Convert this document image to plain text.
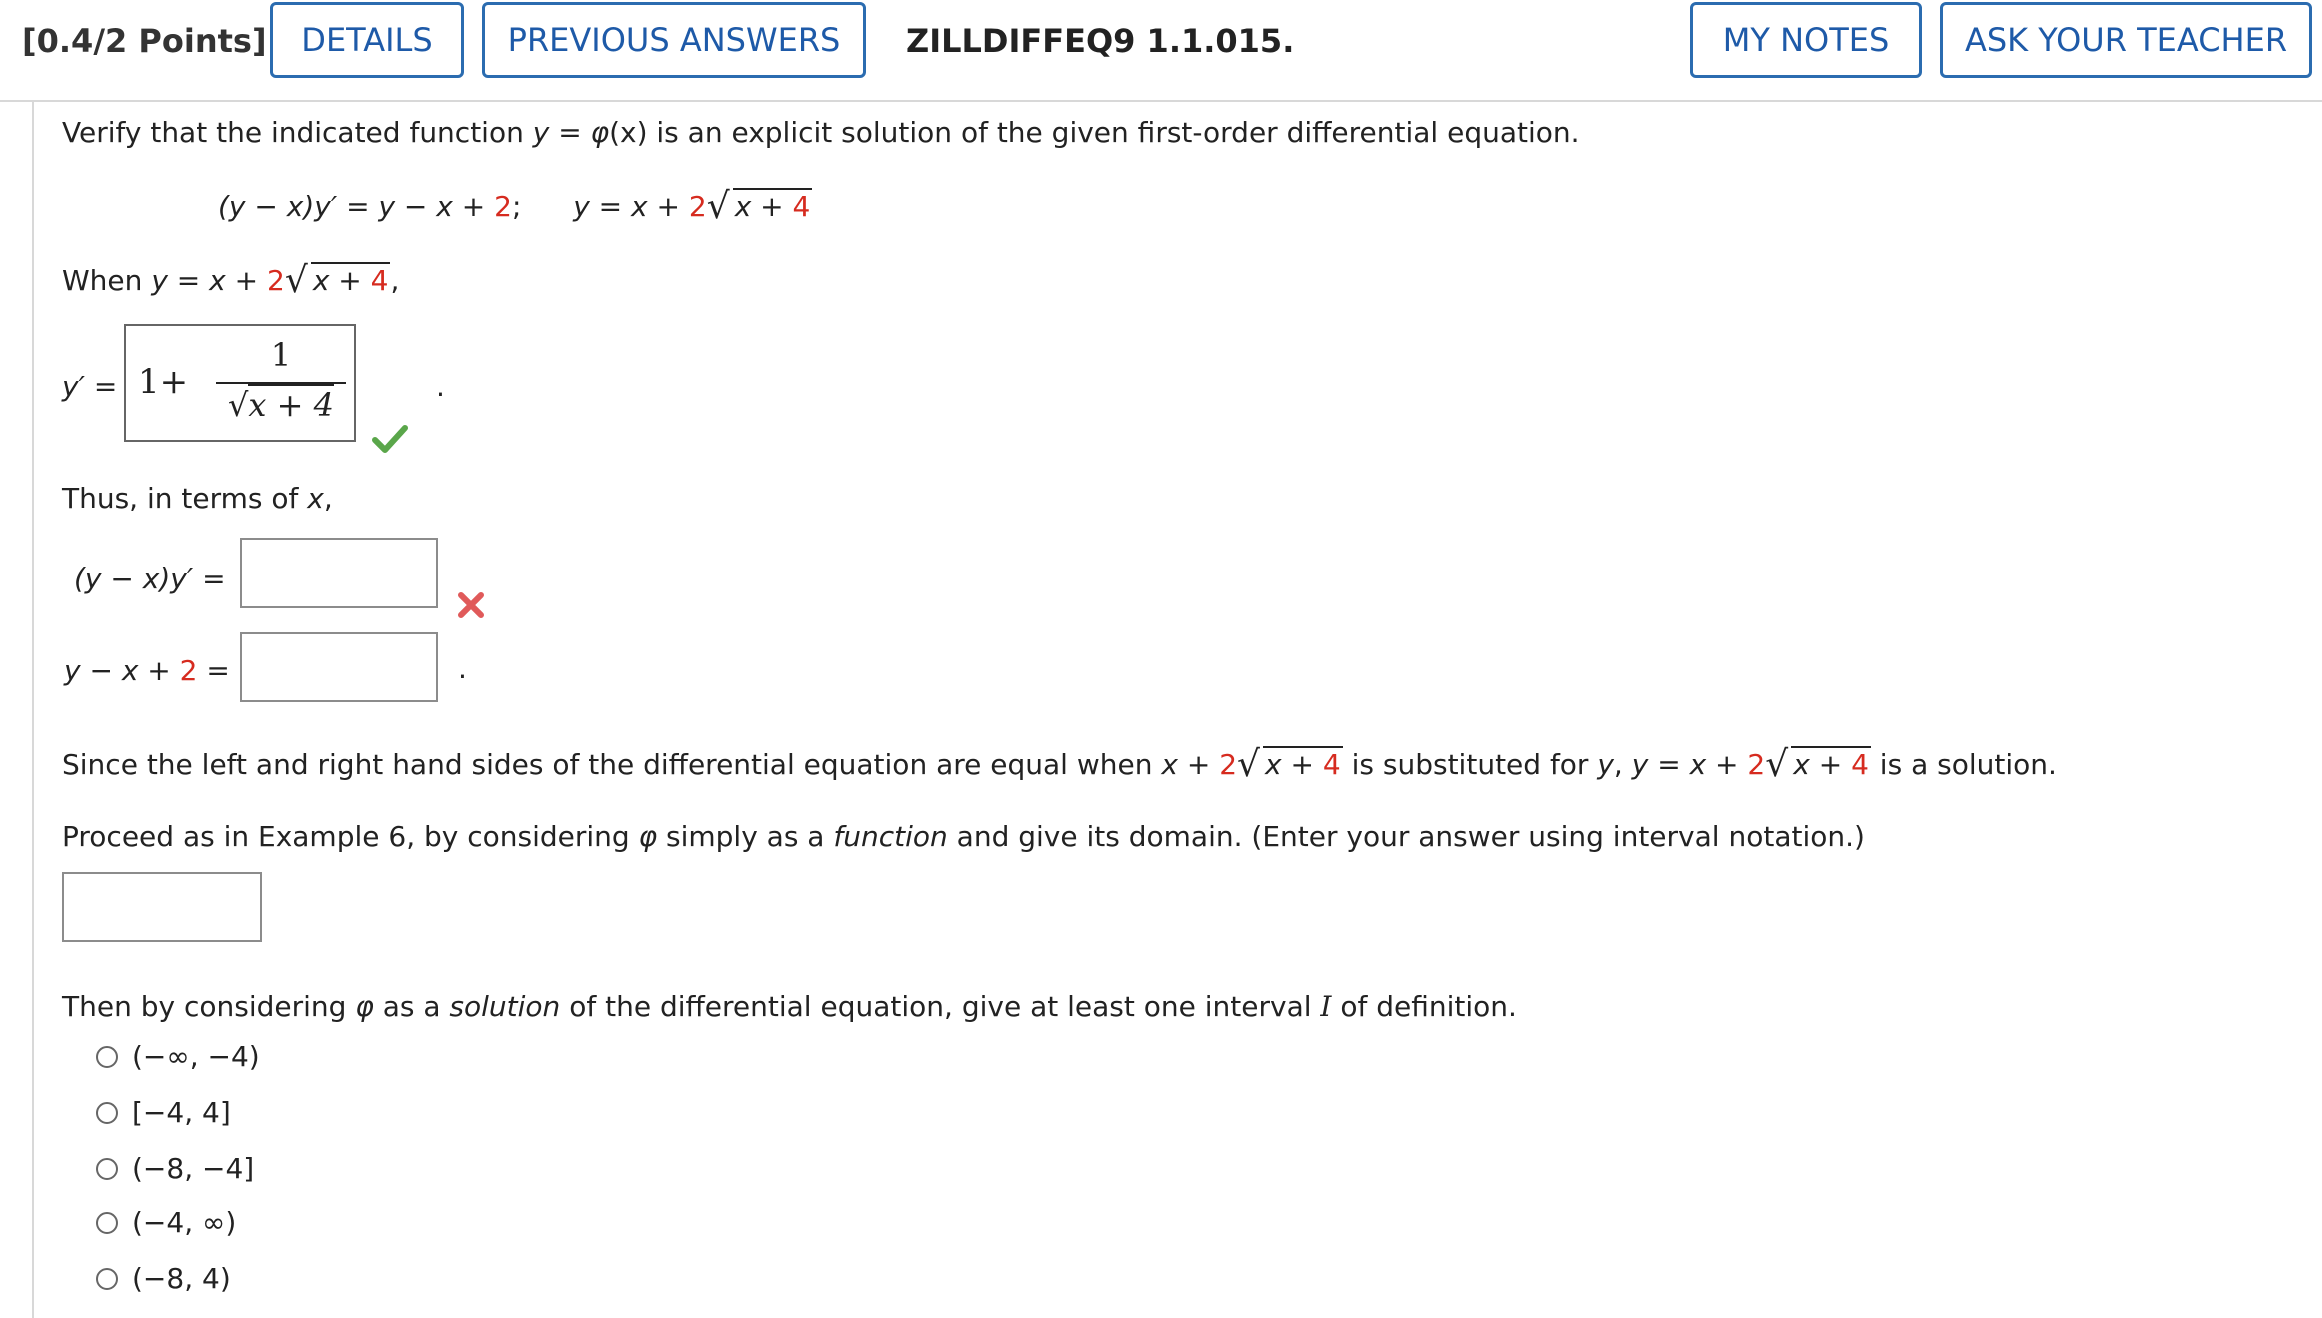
[0.4/2 Points]	DETAILS	PREVIOUS ANSWERS	ZILLDIFFEQ9 1.1.015.	MY NOTES	ASK YOUR TEACHER
Verify that the indicated function y = φ(x) is an explicit solution of the given first-order differential equation.
(y − x)y′ = y − x + 2; y = x + 2 √ x + 4
When y = x + 2 √ x + 4,
y′ = 1+
1
√x + 4	.
Thus, in terms of x,
(y − x)y′ =
y − x + 2 =	.
Since the left and right hand sides of the differential equation are equal when x + 2 √ x + 4 is substituted for y, y = x + 2 √ x + 4 is a solution.
Proceed as in Example 6, by considering φ simply as a function and give its domain. (Enter your answer using interval notation.)
Then by considering φ as a solution of the differential equation, give at least one interval I of definition.
(−∞, −4)
[−4, 4]
(−8, −4]
(−4, ∞)
(−8, 4)
